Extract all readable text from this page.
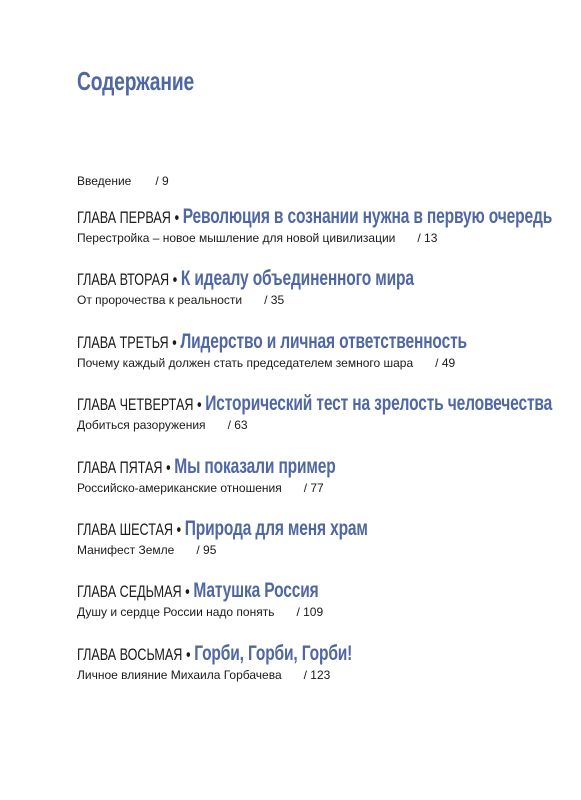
Содержание
Введение / 9
ГЛАВА ПЕРВАЯ • Революция в сознании нужна в первую очередь
Перестройка – новое мышление для новой цивилизации / 13
ГЛАВА ВТОРАЯ • К идеалу объединенного мира
От пророчества к реальности / 35
ГЛАВА ТРЕТЬЯ • Лидерство и личная ответственность
Почему каждый должен стать председателем земного шара / 49
ГЛАВА ЧЕТВЕРТАЯ • Исторический тест на зрелость человечества
Добиться разоружения / 63
ГЛАВА ПЯТАЯ • Мы показали пример
Российско-американские отношения / 77
ГЛАВА ШЕСТАЯ • Природа для меня храм
Манифест Земле / 95
ГЛАВА СЕДЬМАЯ • Матушка Россия
Душу и сердце России надо понять / 109
ГЛАВА ВОСЬМАЯ • Горби, Горби, Горби!
Личное влияние Михаила Горбачева / 123
